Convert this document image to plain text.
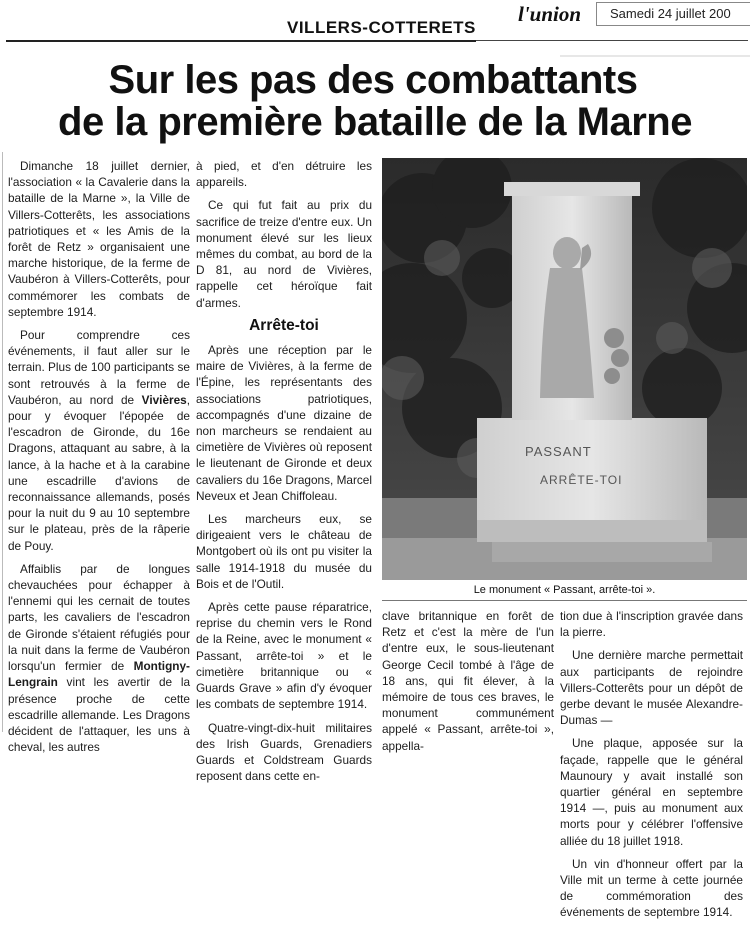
l'union Samedi 24 juillet 200
VILLERS-COTTERETS
Sur les pas des combattants
de la première bataille de la Marne

Dimanche 18 juillet dernier, l'association « la Cavalerie dans la bataille de la Marne », la Ville de Villers-Cotterêts, les associations patriotiques et « les Amis de la forêt de Retz » organisaient une marche historique, de la ferme de Vaubéron à Villers-Cotterêts, pour commémorer les combats de septembre 1914.

Pour comprendre ces événements, il faut aller sur le terrain. Plus de 100 participants se sont retrouvés à la ferme de Vaubéron, au nord de Vivières, pour y évoquer l'épopée de l'escadron de Gironde, du 16e Dragons, attaquant au sabre, à la lance, à la hache et à la carabine une escadrille d'avions de reconnaissance allemands, posés pour la nuit du 9 au 10 septembre sur le plateau, près de la râperie de Pouy.

Affaiblis par de longues chevauchées pour échapper à l'ennemi qui les cernait de toutes parts, les cavaliers de l'escadron de Gironde s'étaient réfugiés pour la nuit dans la ferme de Vaubéron lorsqu'un fermier de Montigny-Lengrain vint les avertir de la présence proche de cette escadrille allemande. Les Dragons décident de l'attaquer, les uns à cheval, les autres

à pied, et d'en détruire les appareils.

Ce qui fut fait au prix du sacrifice de treize d'entre eux. Un monument élevé sur les lieux mêmes du combat, au bord de la D 81, au nord de Vivières, rappelle cet héroïque fait d'armes.

Arrête-toi

Après une réception par le maire de Vivières, à la ferme de l'Épine, les représentants des associations patriotiques, accompagnés d'une dizaine de non marcheurs se rendaient au cimetière de Vivières où reposent le lieutenant de Gironde et deux cavaliers du 16e Dragons, Marcel Neveux et Jean Chiffoleau.

Les marcheurs eux, se dirigeaient vers le château de Montgobert où ils ont pu visiter la salle 1914-1918 du musée du Bois et de l'Outil.

Après cette pause réparatrice, reprise du chemin vers le Rond de la Reine, avec le monument « Passant, arrête-toi » et le cimetière britannique ou « Guards Grave » afin d'y évoquer les combats de septembre 1914.

Quatre-vingt-dix-huit militaires des Irish Guards, Grenadiers Guards et Coldstream Guards reposent dans cette en-

PASSANT
ARRÊTE-TOI
Le monument « Passant, arrête-toi ».

clave britannique en forêt de Retz et c'est la mère de l'un d'entre eux, le sous-lieutenant George Cecil tombé à l'âge de 18 ans, qui fit élever, à la mémoire de tous ces braves, le monument communément appelé « Passant, arrête-toi », appella-

tion due à l'inscription gravée dans la pierre.

Une dernière marche permettait aux participants de rejoindre Villers-Cotterêts pour un dépôt de gerbe devant le musée Alexandre-Dumas —

Une plaque, apposée sur la façade, rappelle que le général Maunoury y avait installé son quartier général en septembre 1914 —, puis au monument aux morts pour y célébrer l'offensive alliée du 18 juillet 1918.

Un vin d'honneur offert par la Ville mit un terme à cette journée de commémoration des événements de septembre 1914.
